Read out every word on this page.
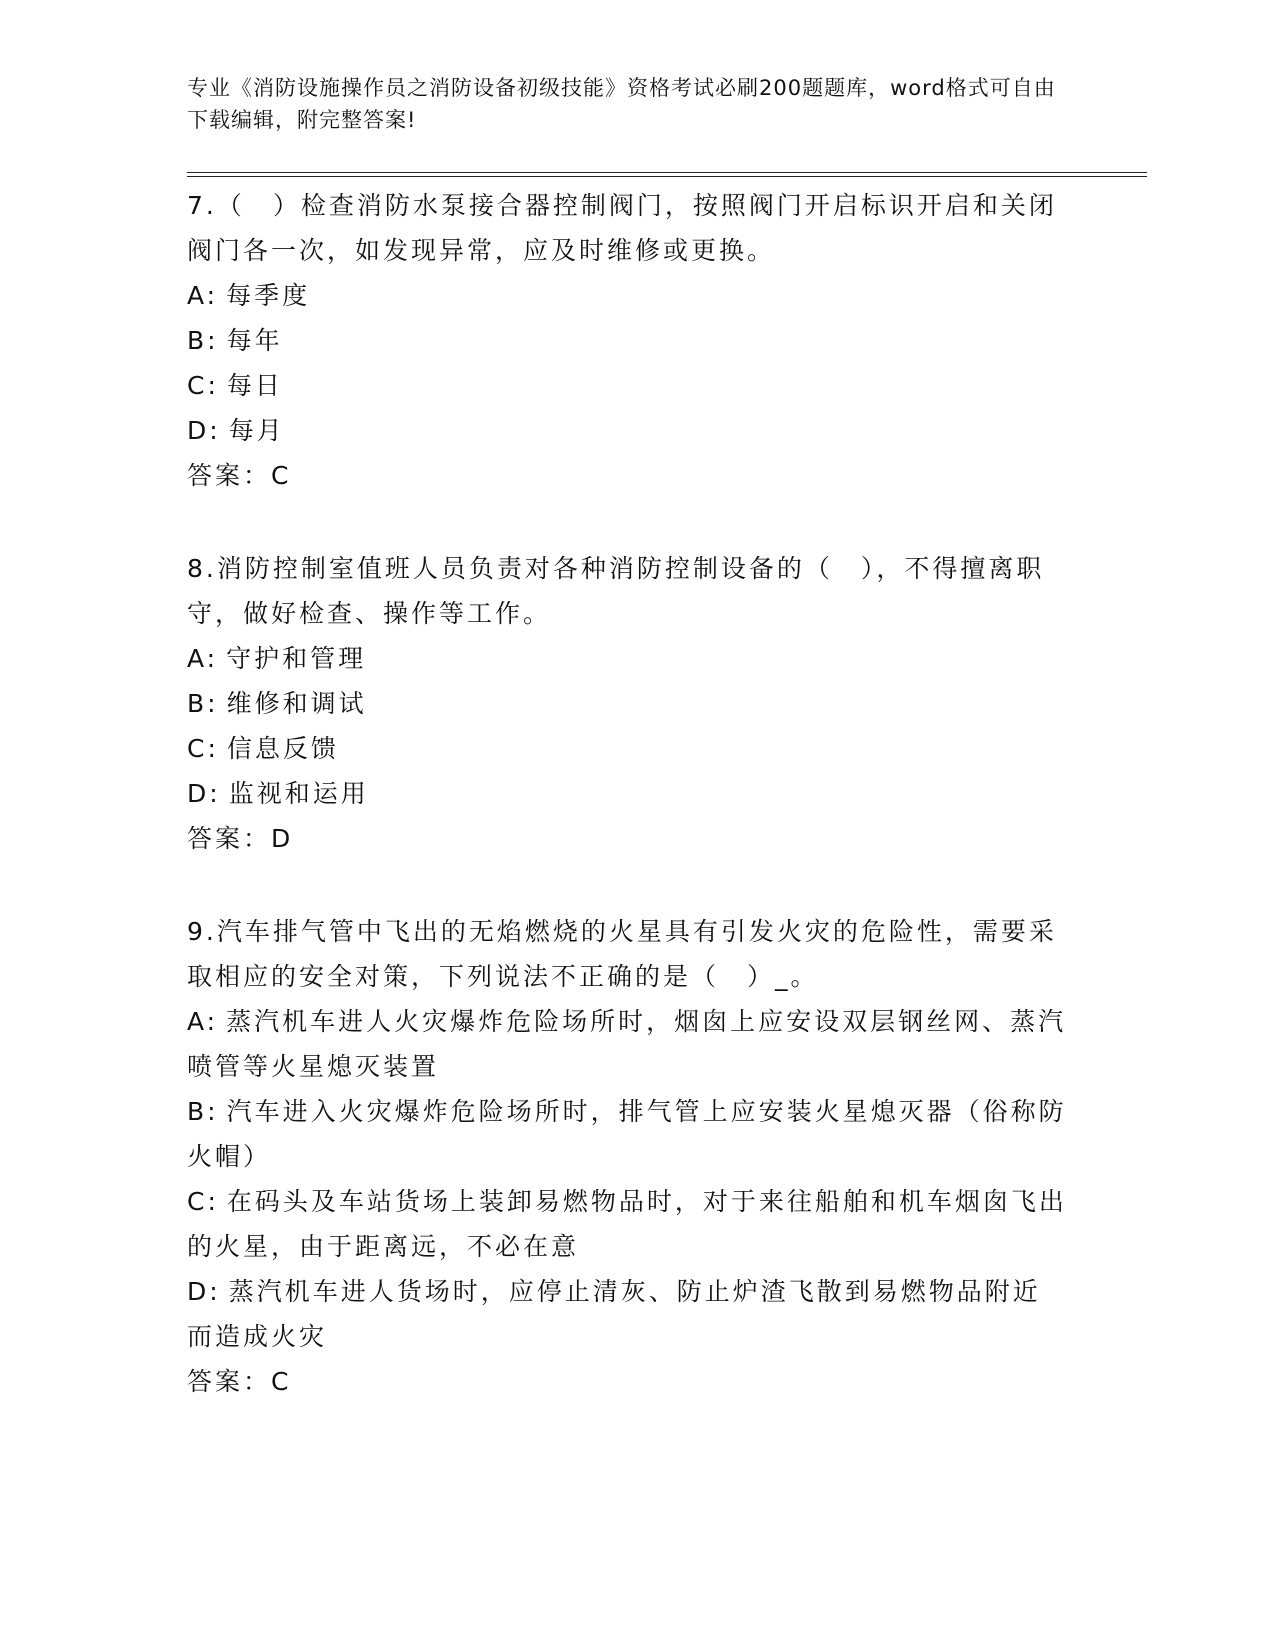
专业《消防设施操作员之消防设备初级技能》资格考试必刷200题题库，word格式可自由下载编辑，附完整答案!

7.（　）检查消防水泵接合器控制阀门，按照阀门开启标识开启和关闭阀门各一次，如发现异常，应及时维修或更换。

A: 每季度

B: 每年

C: 每日

D: 每月

答案：C

8.消防控制室值班人员负责对各种消防控制设备的（　），不得擅离职守，做好检查、操作等工作。

A: 守护和管理

B: 维修和调试

C: 信息反馈

D: 监视和运用

答案：D

9.汽车排气管中飞出的无焰燃烧的火星具有引发火灾的危险性，需要采取相应的安全对策，下列说法不正确的是（　）_。

A: 蒸汽机车进人火灾爆炸危险场所时，烟囱上应安设双层钢丝网、蒸汽喷管等火星熄灭装置

B: 汽车进入火灾爆炸危险场所时，排气管上应安装火星熄灭器（俗称防火帽）

C: 在码头及车站货场上装卸易燃物品时，对于来往船舶和机车烟囱飞出的火星，由于距离远，不必在意

D: 蒸汽机车进人货场时，应停止清灰、防止炉渣飞散到易燃物品附近而造成火灾

答案：C
